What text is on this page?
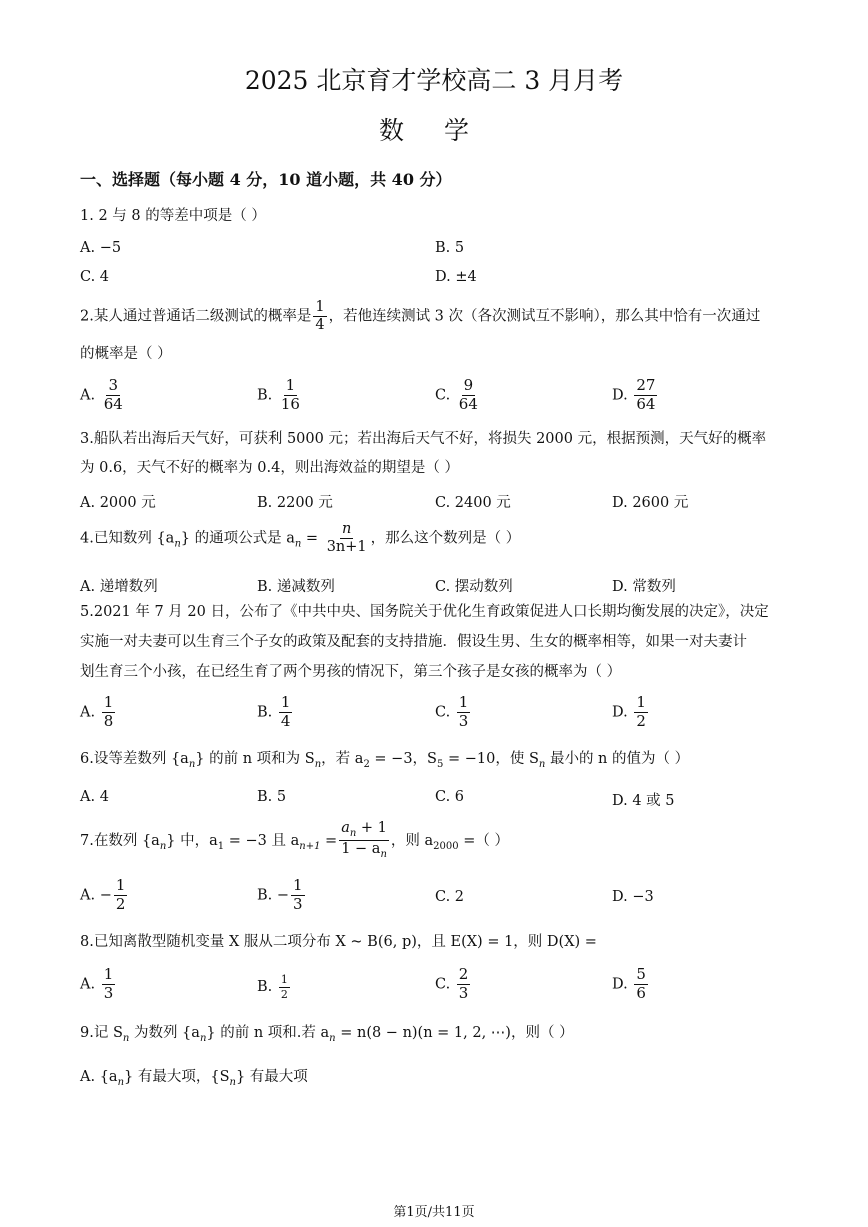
2025 北京育才学校高二 3 月月考
数学
一、选择题（每小题 4 分，10 道小题，共 40 分）
1. 2 与 8 的等差中项是（ ）
A. −5	B. 5
C. 4	D. ±4
2.某人通过普通话二级测试的概率是 $\frac{1}{4}$ ，若他连续测试 3 次（各次测试互不影响），那么其中恰有一次通过
的概率是（ ）
A. $\frac{3}{64}$	B. $\frac{1}{16}$	C. $\frac{9}{64}$	D. $\frac{27}{64}$
3.船队若出海后天气好，可获利 5000 元；若出海后天气不好，将损失 2000 元，根据预测，天气好的概率
为 0.6，天气不好的概率为 0.4，则出海效益的期望是（ ）
A. 2000 元	B. 2200 元	C. 2400 元	D. 2600 元
4.已知数列 $\{a_n\}$ 的通项公式是 $a_n = \frac{n}{3n+1}$ ，那么这个数列是（ ）
A. 递增数列	B. 递减数列	C. 摆动数列	D. 常数列
5.2021 年 7 月 20 日，公布了《中共中央、国务院关于优化生育政策促进人口长期均衡发展的决定》，决定
实施一对夫妻可以生育三个子女的政策及配套的支持措施．假设生男、生女的概率相等，如果一对夫妻计
划生育三个小孩，在已经生育了两个男孩的情况下，第三个孩子是女孩的概率为（ ）
A. $\frac{1}{8}$	B. $\frac{1}{4}$	C. $\frac{1}{3}$	D. $\frac{1}{2}$
6.设等差数列 $\{a_n\}$ 的前 n 项和为 $S_n$，若 $a_2 = -3$，$S_5 = -10$，使 $S_n$ 最小的 n 的值为（ ）
A. 4	B. 5	C. 6	D. 4 或 5
7.在数列 $\{a_n\}$ 中，$a_1 = -3$ 且 $a_{n+1} = \frac{a_n + 1}{1 - a_n}$ ，则 $a_{2000}$ =（ ）
A. − $\frac{1}{2}$	B. − $\frac{1}{3}$	C. 2	D. −3
8.已知离散型随机变量 X 服从二项分布 X ~ B(6, p)，且 E(X) = 1，则 D(X) =
A. $\frac{1}{3}$	B. $\frac{1}{2}$	C. $\frac{2}{3}$	D. $\frac{5}{6}$
9.记 $S_n$ 为数列 $\{a_n\}$ 的前 n 项和.若 $a_n = n(8 - n)(n = 1$, 2, ⋯)，则（ ）
A. $\{a_n\}$ 有最大项，$\{S_n\}$ 有最大项
第1页/共11页
